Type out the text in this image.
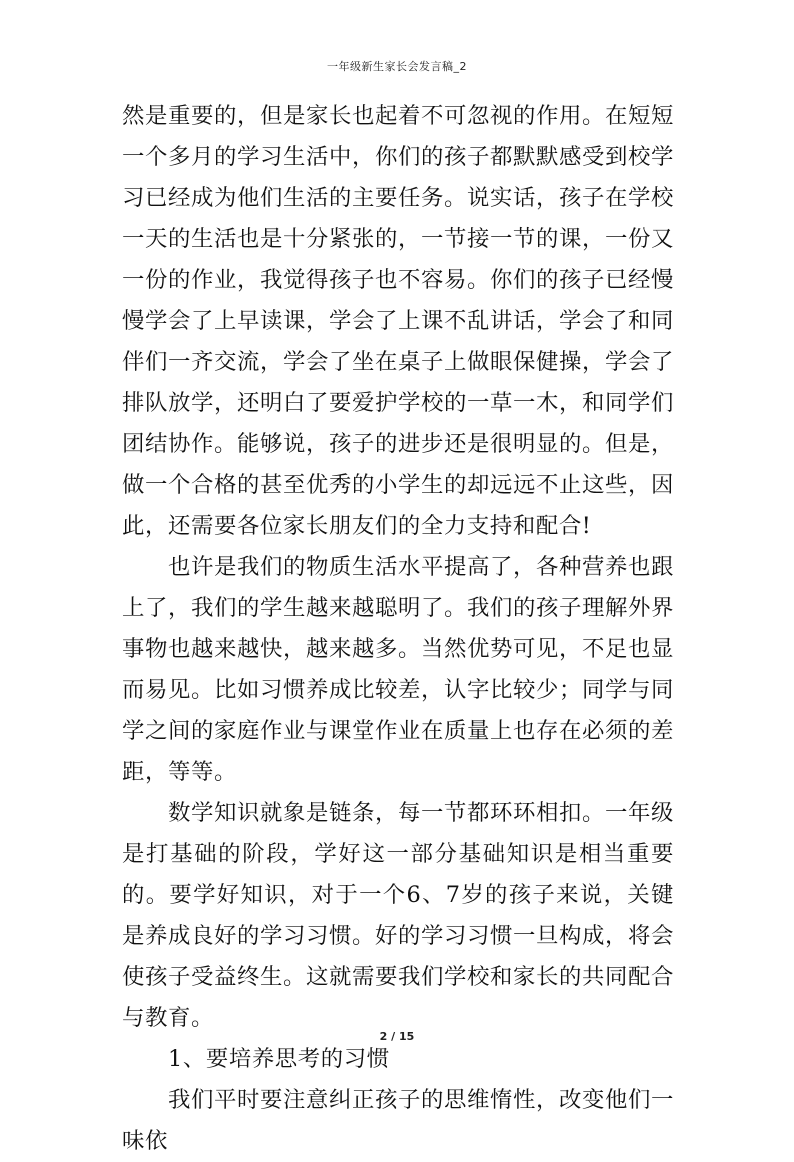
一年级新生家长会发言稿_2

然是重要的，但是家长也起着不可忽视的作用。在短短一个多月的学习生活中，你们的孩子都默默感受到校学习已经成为他们生活的主要任务。说实话，孩子在学校一天的生活也是十分紧张的，一节接一节的课，一份又一份的作业，我觉得孩子也不容易。你们的孩子已经慢慢学会了上早读课，学会了上课不乱讲话，学会了和同伴们一齐交流，学会了坐在桌子上做眼保健操，学会了排队放学，还明白了要爱护学校的一草一木，和同学们团结协作。能够说，孩子的进步还是很明显的。但是，做一个合格的甚至优秀的小学生的却远远不止这些，因此，还需要各位家长朋友们的全力支持和配合!

也许是我们的物质生活水平提高了，各种营养也跟上了，我们的学生越来越聪明了。我们的孩子理解外界事物也越来越快，越来越多。当然优势可见，不足也显而易见。比如习惯养成比较差，认字比较少；同学与同学之间的家庭作业与课堂作业在质量上也存在必须的差距，等等。

数学知识就象是链条，每一节都环环相扣。一年级是打基础的阶段，学好这一部分基础知识是相当重要的。要学好知识，对于一个6、7岁的孩子来说，关键是养成良好的学习习惯。好的学习习惯一旦构成，将会使孩子受益终生。这就需要我们学校和家长的共同配合与教育。

1、要培养思考的习惯

我们平时要注意纠正孩子的思维惰性，改变他们一味依

2 / 15
